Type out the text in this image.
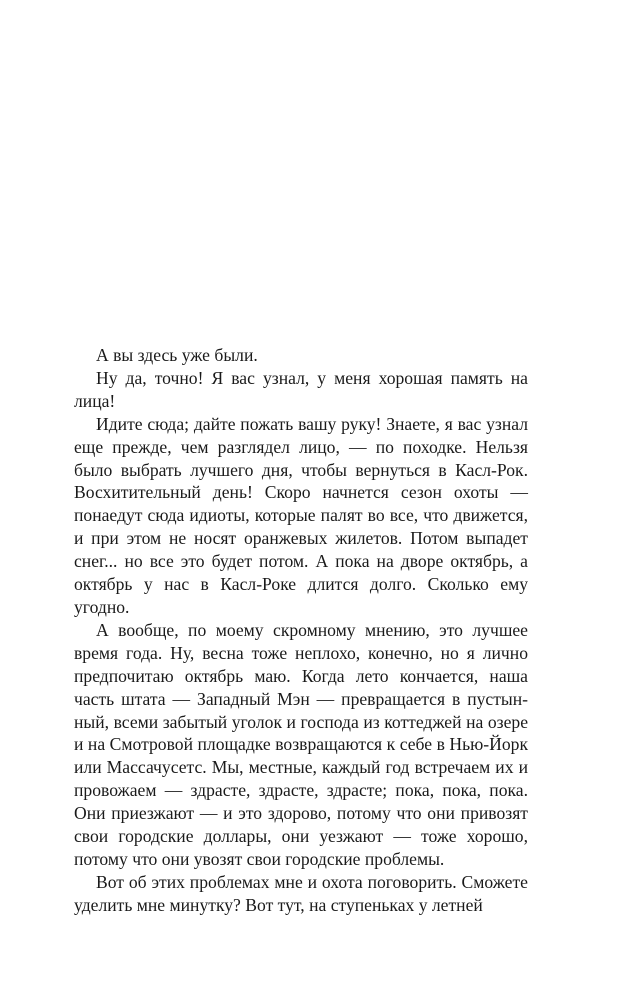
А вы здесь уже были.

Ну да, точно! Я вас узнал, у меня хорошая память на лица!

Идите сюда; дайте пожать вашу руку! Знаете, я вас узнал еще прежде, чем разглядел лицо, — по походке. Нельзя было выбрать лучшего дня, чтобы вернуться в Касл-Рок. Восхитительный день! Скоро начнется сезон охоты — понаедут сюда идиоты, которые палят во все, что движется, и при этом не носят оранжевых жилетов. Потом выпадет снег... но все это будет потом. А пока на дворе октябрь, а октябрь у нас в Касл-Роке длится долго. Сколько ему угодно.

А вообще, по моему скромному мнению, это лучшее время года. Ну, весна тоже неплохо, конечно, но я лично предпочитаю октябрь маю. Когда лето кончается, наша часть штата — Западный Мэн — превращается в пустынный, всеми забытый уголок и господа из коттеджей на озере и на Смотровой площадке возвращаются к себе в Нью-Йорк или Массачусетс. Мы, местные, каждый год встречаем их и провожаем — здрасте, здрасте, здрасте; пока, пока, пока. Они приезжают — и это здорово, потому что они привозят свои городские доллары, они уезжают — тоже хорошо, потому что они увозят свои городские проблемы.

Вот об этих проблемах мне и охота поговорить. Сможете уделить мне минутку? Вот тут, на ступеньках у летней
